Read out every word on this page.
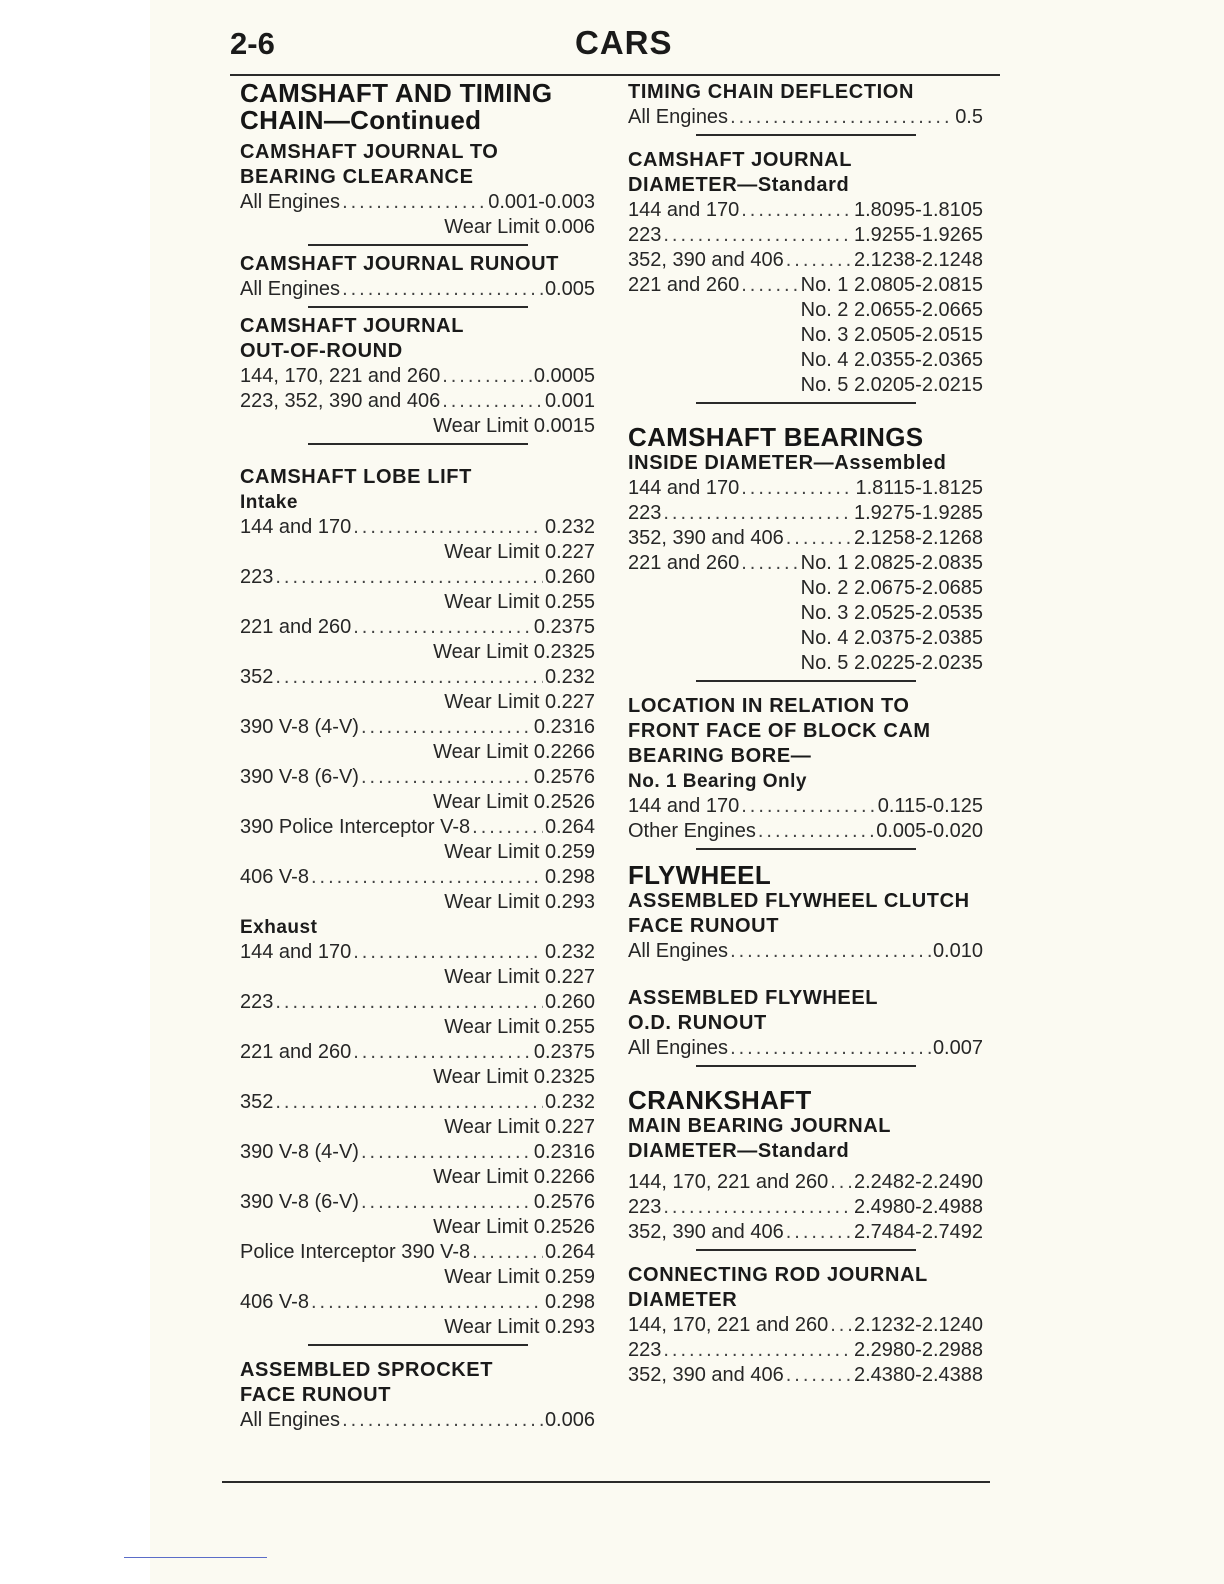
2-6	CARS
CAMSHAFT AND TIMING
CHAIN—Continued
CAMSHAFT JOURNAL TO
BEARING CLEARANCE
All Engines .....	0.001-0.003
Wear Limit 0.006
CAMSHAFT JOURNAL RUNOUT
All Engines .....	0.005
CAMSHAFT JOURNAL
OUT-OF-ROUND
144, 170, 221 and 260 .....	0.0005
223, 352, 390 and 406 .....	0.001
Wear Limit 0.0015
CAMSHAFT LOBE LIFT
Intake
144 and 170 .....	0.232
Wear Limit 0.227
223 .....	0.260
Wear Limit 0.255
221 and 260 .....	0.2375
Wear Limit 0.2325
352 .....	0.232
Wear Limit 0.227
390 V-8 (4-V) .....	0.2316
Wear Limit 0.2266
390 V-8 (6-V) .....	0.2576
Wear Limit 0.2526
390 Police Interceptor V-8 .....	0.264
Wear Limit 0.259
406 V-8 .....	0.298
Wear Limit 0.293
Exhaust
144 and 170 .....	0.232
Wear Limit 0.227
223 .....	0.260
Wear Limit 0.255
221 and 260 .....	0.2375
Wear Limit 0.2325
352 .....	0.232
Wear Limit 0.227
390 V-8 (4-V) .....	0.2316
Wear Limit 0.2266
390 V-8 (6-V) .....	0.2576
Wear Limit 0.2526
Police Interceptor 390 V-8 .....	0.264
Wear Limit 0.259
406 V-8 .....	0.298
Wear Limit 0.293
ASSEMBLED SPROCKET
FACE RUNOUT
All Engines .....	0.006
TIMING CHAIN DEFLECTION
All Engines .....	0.5
CAMSHAFT JOURNAL
DIAMETER—Standard
144 and 170 .....	1.8095-1.8105
223 .....	1.9255-1.9265
352, 390 and 406 .....	2.1238-2.1248
221 and 260 .....	No. 1 2.0805-2.0815
No. 2 2.0655-2.0665
No. 3 2.0505-2.0515
No. 4 2.0355-2.0365
No. 5 2.0205-2.0215
CAMSHAFT BEARINGS
INSIDE DIAMETER—Assembled
144 and 170 .....	1.8115-1.8125
223 .....	1.9275-1.9285
352, 390 and 406 .....	2.1258-2.1268
221 and 260 .....	No. 1 2.0825-2.0835
No. 2 2.0675-2.0685
No. 3 2.0525-2.0535
No. 4 2.0375-2.0385
No. 5 2.0225-2.0235
LOCATION IN RELATION TO
FRONT FACE OF BLOCK CAM
BEARING BORE—
No. 1 Bearing Only
144 and 170 .....	0.115-0.125
Other Engines .....	0.005-0.020
FLYWHEEL
ASSEMBLED FLYWHEEL CLUTCH
FACE RUNOUT
All Engines .....	0.010
ASSEMBLED FLYWHEEL
O.D. RUNOUT
All Engines .....	0.007
CRANKSHAFT
MAIN BEARING JOURNAL
DIAMETER—Standard
144, 170, 221 and 260 ..... 2.2482-2.2490
223 .....	2.4980-2.4988
352, 390 and 406 .....	2.7484-2.7492
CONNECTING ROD JOURNAL
DIAMETER
144, 170, 221 and 260 ..... 2.1232-2.1240
223 .....	2.2980-2.2988
352, 390 and 406 .....	2.4380-2.4388
